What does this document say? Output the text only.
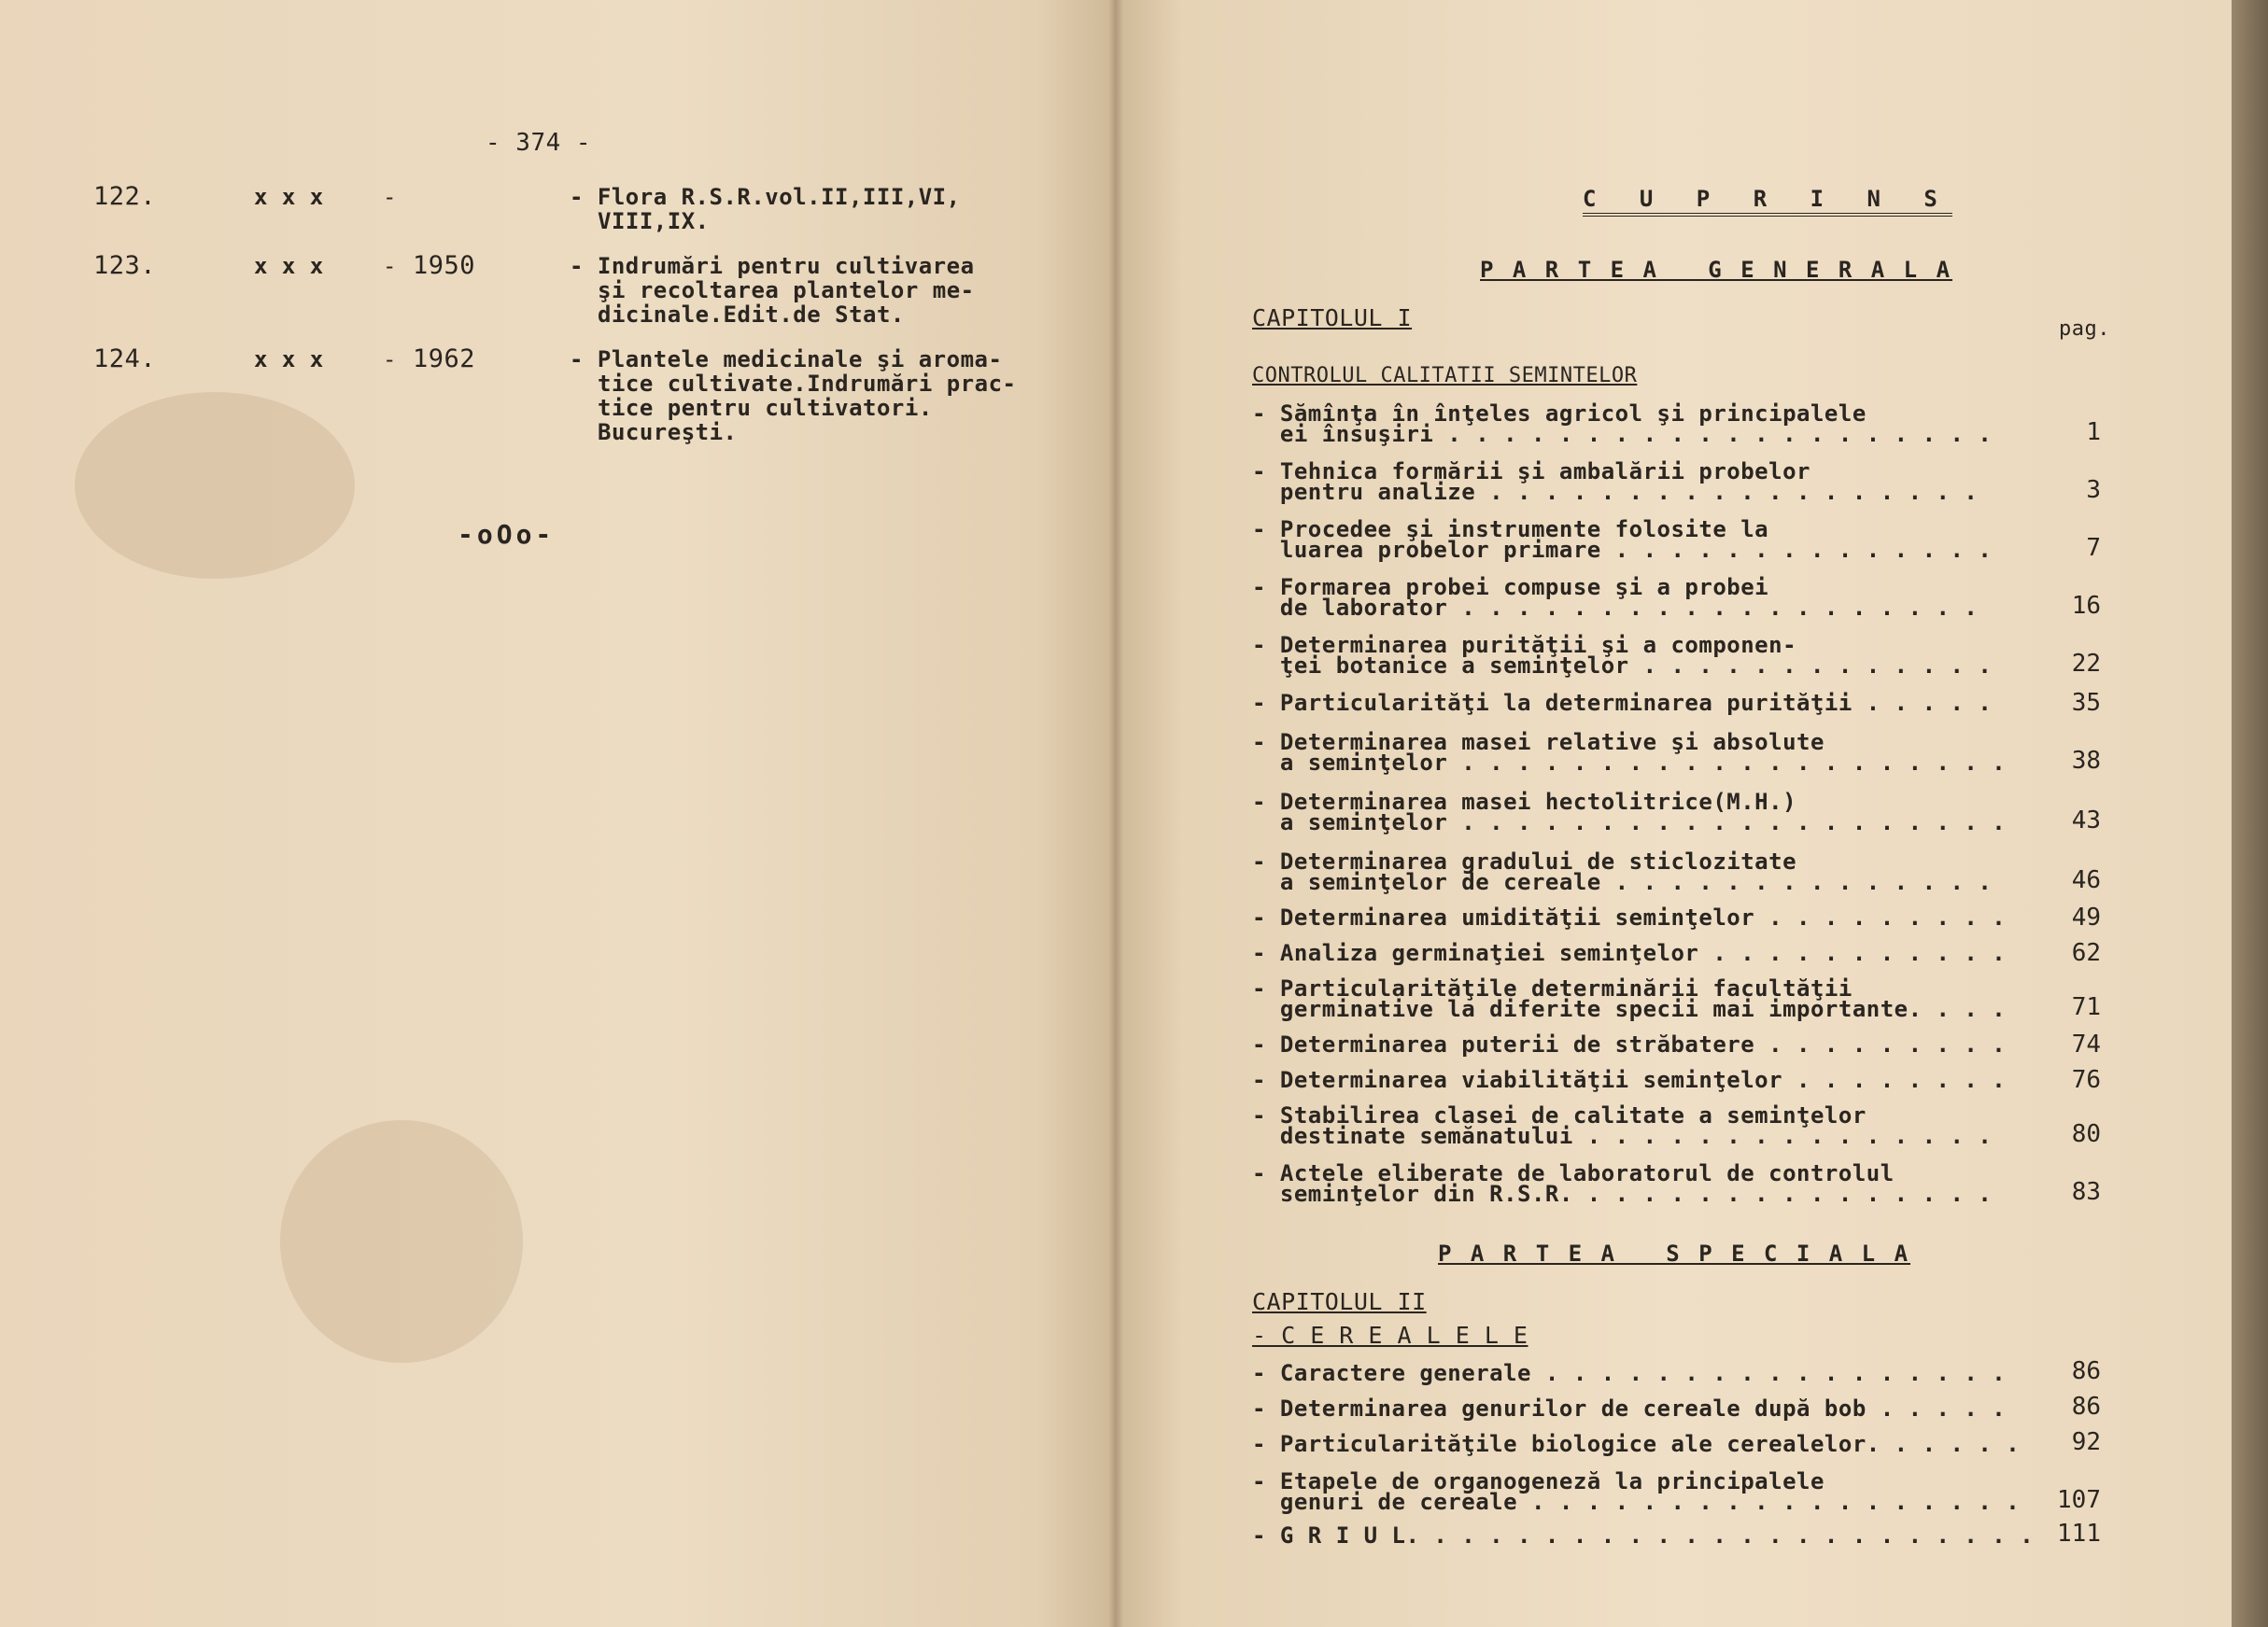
- 374 -
122.	x x x	-	- Flora R.S.R.vol.II,III,VI,
VIII,IX.
123.	x x x	- 1950	- Indrumări pentru cultivarea
şi recoltarea plantelor me-
dicinale.Edit.de Stat.
124.	x x x	- 1962	- Plantele medicinale şi aroma-
tice cultivate.Indrumări prac-
tice pentru cultivatori.
Bucureşti.
-oOo-
C U P R I N S
P A R T E A   G E N E R A L A
CAPITOLUL I	pag.
CONTROLUL CALITATII SEMINTELOR
- Sămînţa în înţeles agricol şi principalele
ei însuşiri . . . . . . . . . . . . . . . . . . . .	1
- Tehnica formării şi ambalării probelor
pentru analize . . . . . . . . . . . . . . . . . .	3
- Procedee şi instrumente folosite la
luarea probelor primare . . . . . . . . . . . . . .	7
- Formarea probei compuse şi a probei
de laborator . . . . . . . . . . . . . . . . . . .	16
- Determinarea purităţii şi a componen-
ţei botanice a seminţelor . . . . . . . . . . . . .	22
- Particularităţi la determinarea purităţii . . . . .	35
- Determinarea masei relative şi absolute
a seminţelor . . . . . . . . . . . . . . . . . . . .	38
- Determinarea masei hectolitrice(M.H.)
a seminţelor . . . . . . . . . . . . . . . . . . . .	43
- Determinarea gradului de sticlozitate
a seminţelor de cereale . . . . . . . . . . . . . .	46
- Determinarea umidităţii seminţelor . . . . . . . . .	49
- Analiza germinaţiei seminţelor . . . . . . . . . . .	62
- Particularităţile determinării facultăţii
germinative la diferite specii mai importante. . . .	71
- Determinarea puterii de străbatere . . . . . . . . .	74
- Determinarea viabilităţii seminţelor . . . . . . . .	76
- Stabilirea clasei de calitate a seminţelor
destinate semănatului . . . . . . . . . . . . . . .	80
- Actele eliberate de laboratorul de controlul
seminţelor din R.S.R. . . . . . . . . . . . . . . .	83
P A R T E A   S P E C I A L A
CAPITOLUL II
- C E R E A L E L E
- Caractere generale . . . . . . . . . . . . . . . . .	86
- Determinarea genurilor de cereale după bob . . . . .	86
- Particularităţile biologice ale cerealelor. . . . . .	92
- Etapele de organogeneză la principalele
genuri de cereale . . . . . . . . . . . . . . . . . .	107
- G R I U L. . . . . . . . . . . . . . . . . . . . . . . 111
